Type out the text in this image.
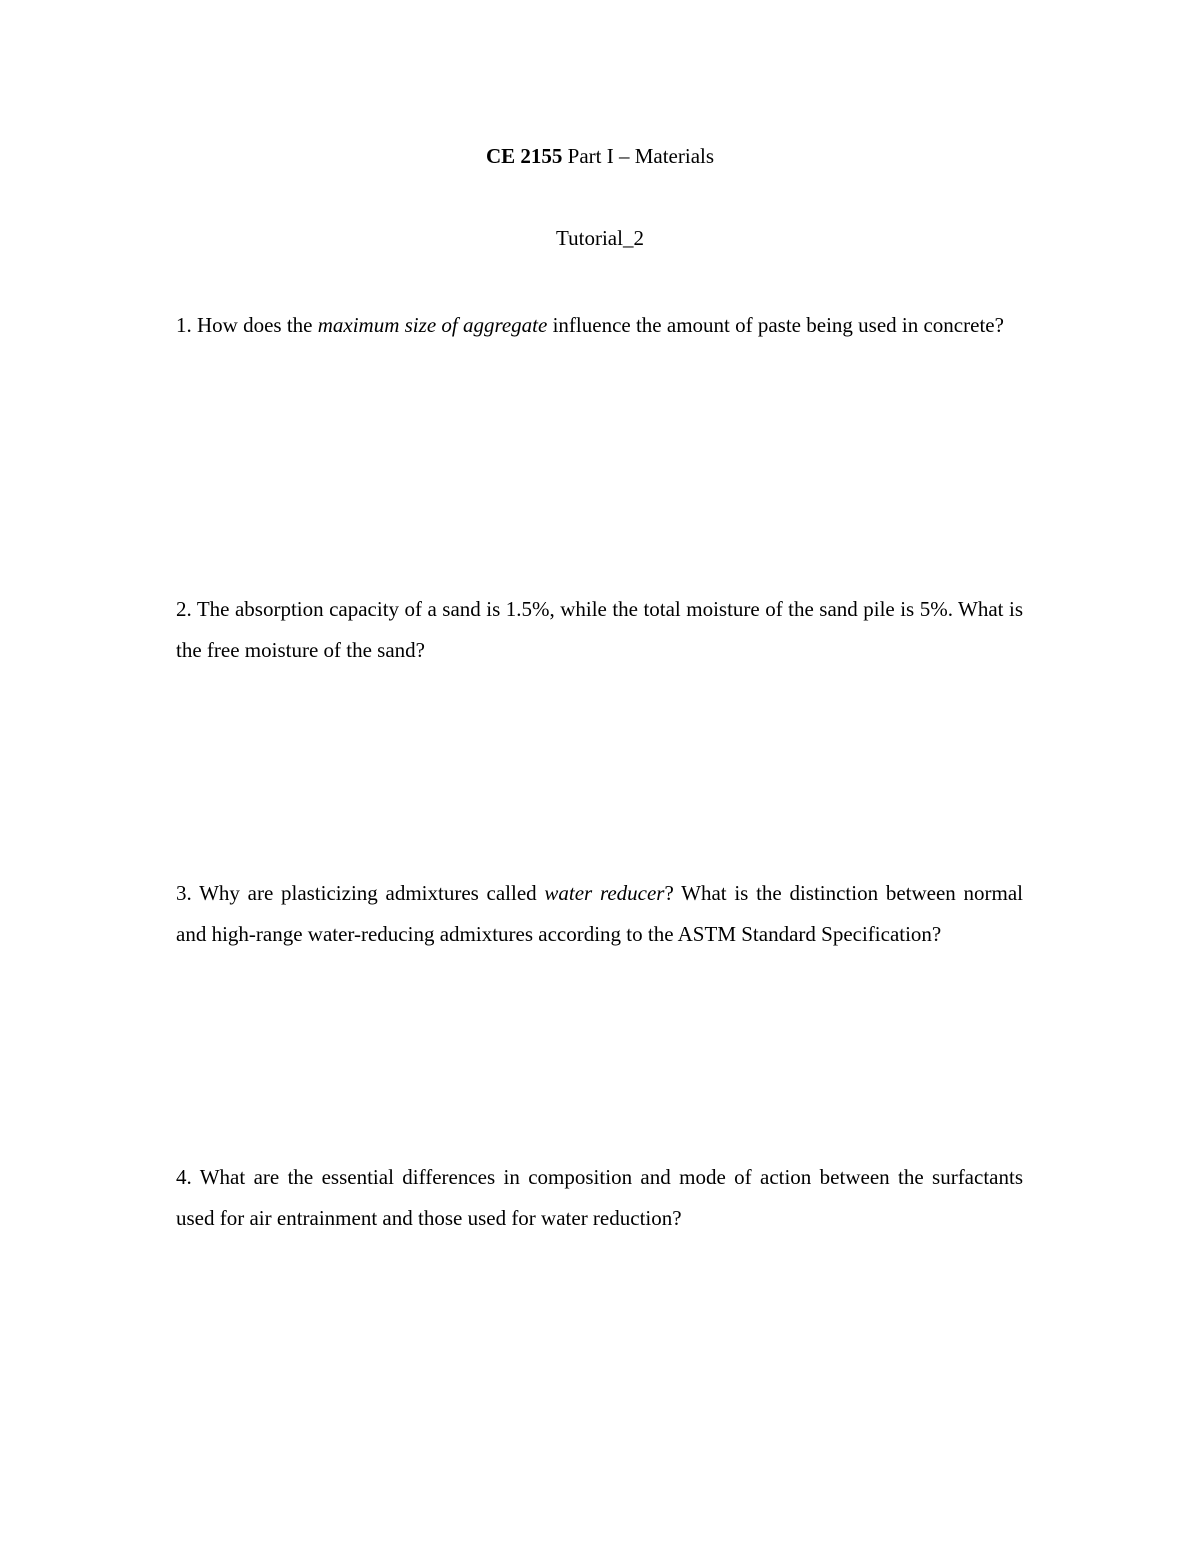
CE 2155 Part I – Materials
Tutorial_2
1. How does the maximum size of aggregate influence the amount of paste being used in concrete?
2. The absorption capacity of a sand is 1.5%, while the total moisture of the sand pile is 5%. What is the free moisture of the sand?
3. Why are plasticizing admixtures called water reducer? What is the distinction between normal and high-range water-reducing admixtures according to the ASTM Standard Specification?
4. What are the essential differences in composition and mode of action between the surfactants used for air entrainment and those used for water reduction?
